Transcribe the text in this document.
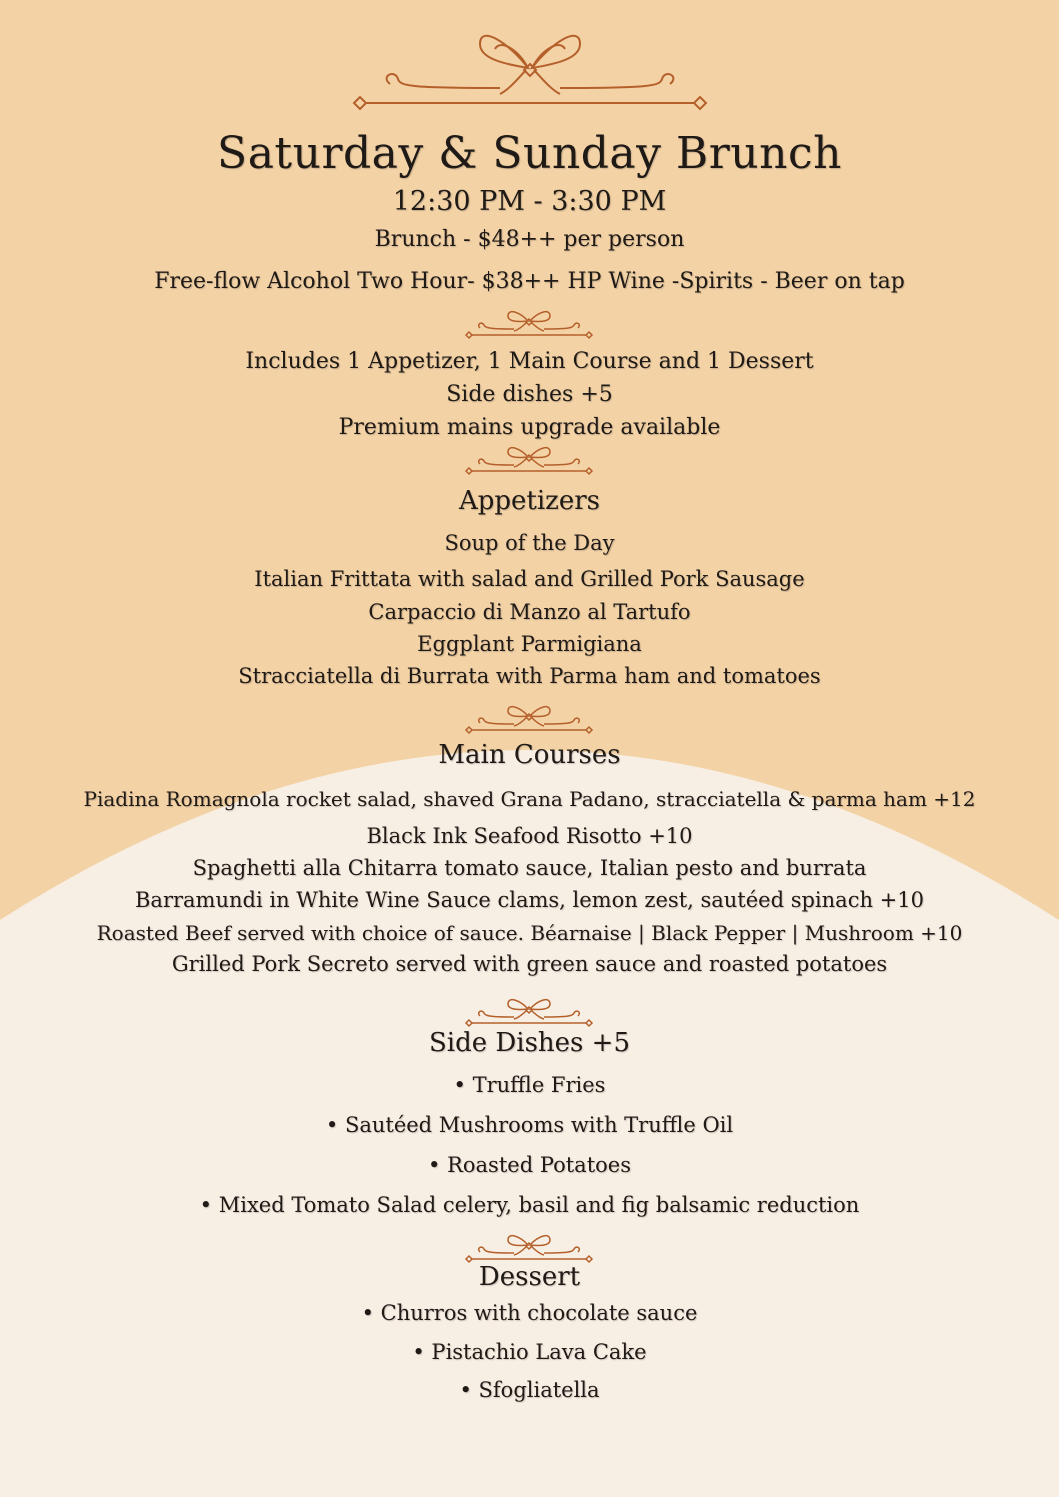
Saturday & Sunday Brunch
12:30 PM - 3:30 PM
Brunch - $48++ per person
Free-flow Alcohol Two Hour- $38++ HP Wine -Spirits - Beer on tap
Includes 1 Appetizer, 1 Main Course and 1 Dessert
Side dishes +5
Premium mains upgrade available
Appetizers
Soup of the Day
Italian Frittata with salad and Grilled Pork Sausage
Carpaccio di Manzo al Tartufo
Eggplant Parmigiana
Stracciatella di Burrata with Parma ham and tomatoes
Main Courses
Piadina Romagnola rocket salad, shaved Grana Padano, stracciatella & parma ham +12
Black Ink Seafood Risotto +10
Spaghetti alla Chitarra tomato sauce, Italian pesto and burrata
Barramundi in White Wine Sauce clams, lemon zest, sautéed spinach +10
Roasted Beef served with choice of sauce. Béarnaise | Black Pepper | Mushroom +10
Grilled Pork Secreto served with green sauce and roasted potatoes
Side Dishes +5
• Truffle Fries
• Sautéed Mushrooms with Truffle Oil
• Roasted Potatoes
• Mixed Tomato Salad celery, basil and fig balsamic reduction
Dessert
• Churros with chocolate sauce
• Pistachio Lava Cake
• Sfogliatella
